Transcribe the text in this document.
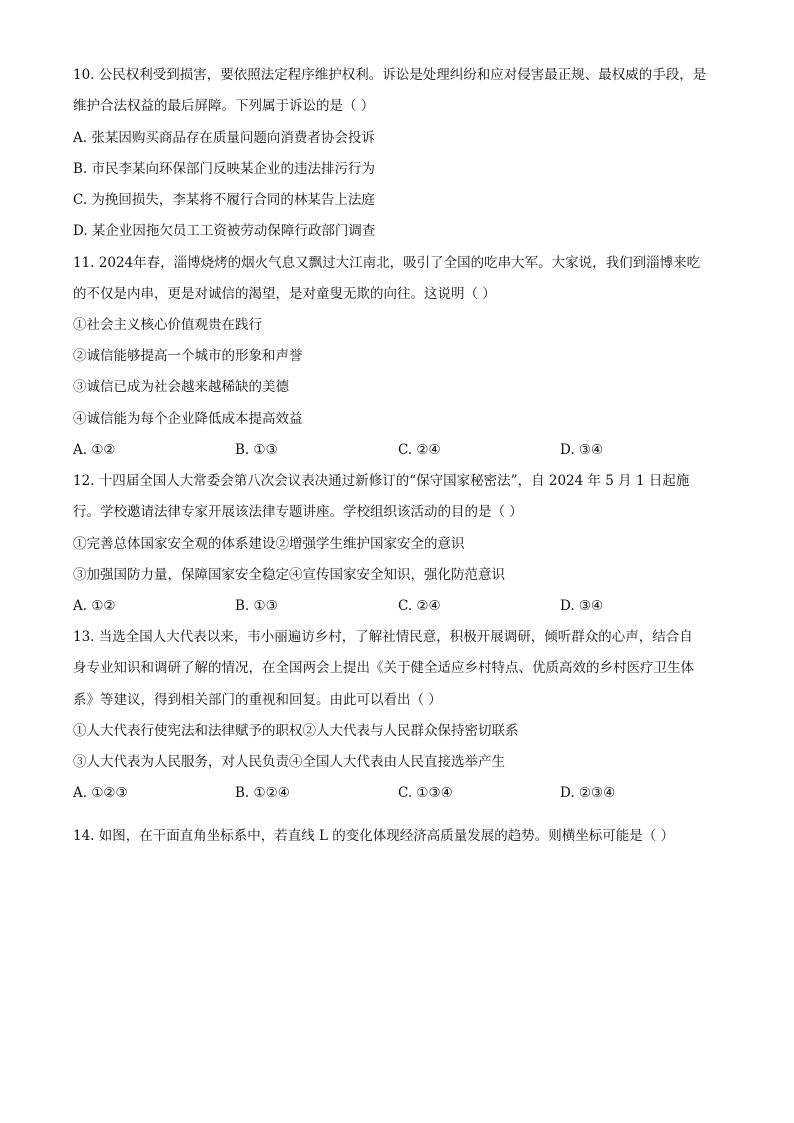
10. 公民权利受到损害，要依照法定程序维护权利。诉讼是处理纠纷和应对侵害最正规、最权威的手段，是
维护合法权益的最后屏障。下列属于诉讼的是（ ）
A. 张某因购买商品存在质量问题向消费者协会投诉
B. 市民李某向环保部门反映某企业的违法排污行为
C. 为挽回损失，李某将不履行合同的林某告上法庭
D. 某企业因拖欠员工工资被劳动保障行政部门调查
11. 2024年春，淄博烧烤的烟火气息又飘过大江南北，吸引了全国的吃串大军。大家说，我们到淄博来吃
的不仅是内串，更是对诚信的渴望，是对童叟无欺的向往。这说明（ ）
①社会主义核心价值观贵在践行
②诚信能够提高一个城市的形象和声誉
③诚信已成为社会越来越稀缺的美德
④诚信能为每个企业降低成本提高效益
A. ①②	B. ①③	C. ②④	D. ③④
12. 十四届全国人大常委会第八次会议表决通过新修订的“保守国家秘密法”，自 2024 年 5 月 1 日起施
行。学校邀请法律专家开展该法律专题讲座。学校组织该活动的目的是（ ）
①完善总体国家安全观的体系建设②增强学生维护国家安全的意识
③加强国防力量，保障国家安全稳定④宣传国家安全知识，强化防范意识
A. ①②	B. ①③	C. ②④	D. ③④
13. 当选全国人大代表以来，韦小丽遍访乡村，了解社情民意，积极开展调研，倾听群众的心声，结合自
身专业知识和调研了解的情况，在全国两会上提出《关于健全适应乡村特点、优质高效的乡村医疗卫生体
系》等建议，得到相关部门的重视和回复。由此可以看出（ ）
①人大代表行使宪法和法律赋予的职权②人大代表与人民群众保持密切联系
③人大代表为人民服务，对人民负责④全国人大代表由人民直接选举产生
A. ①②③	B. ①②④	C. ①③④	D. ②③④
14. 如图，在干面直角坐标系中，若直线 L 的变化体现经济高质量发展的趋势。则横坐标可能是（ ）
